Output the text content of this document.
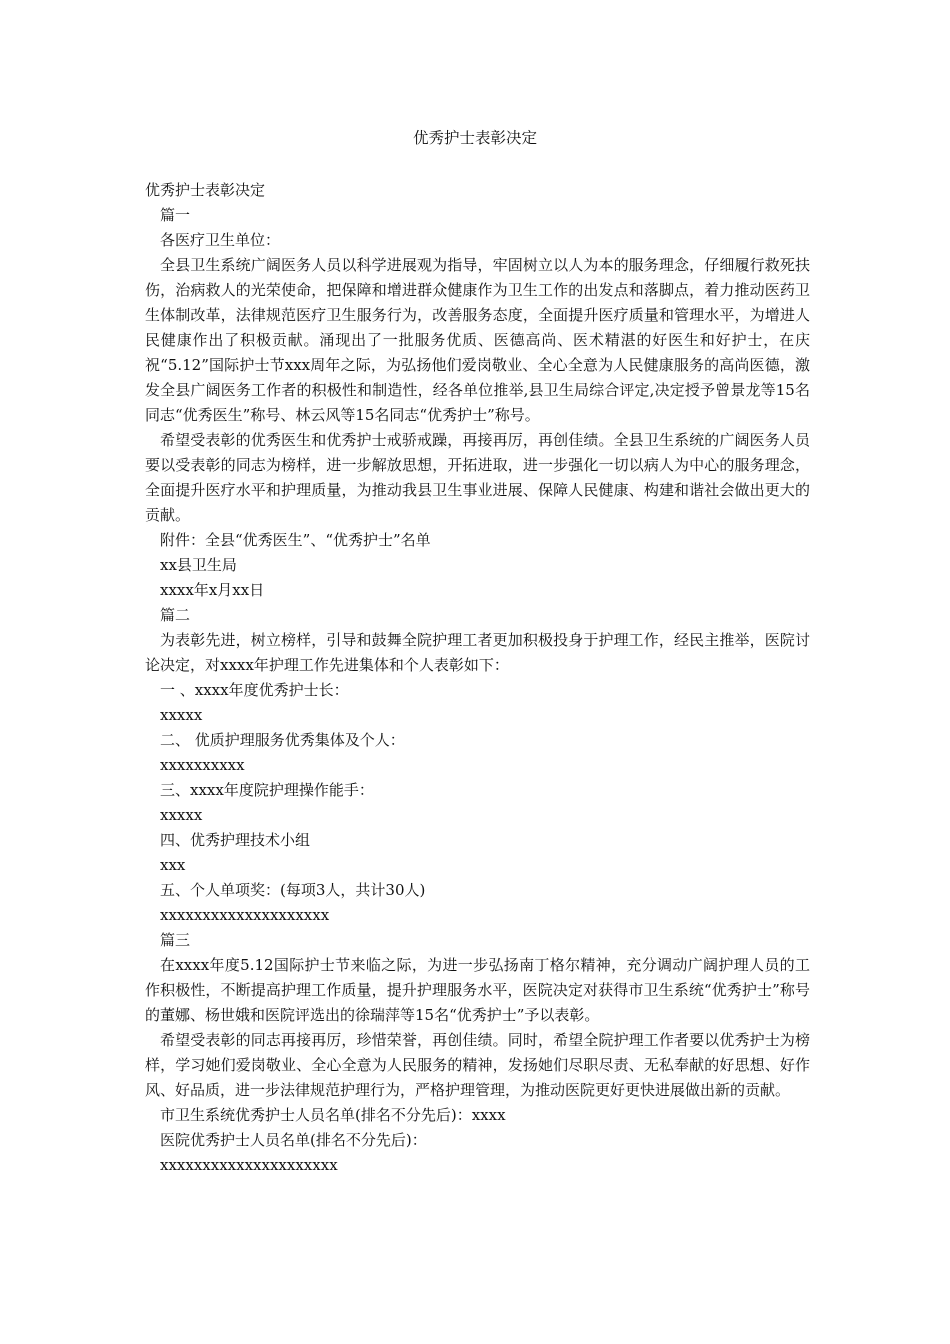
优秀护士表彰决定

优秀护士表彰决定

篇一

各医疗卫生单位：

全县卫生系统广阔医务人员以科学进展观为指导，牢固树立以人为本的服务理念，仔细履行救死扶伤，治病救人的光荣使命，把保障和增进群众健康作为卫生工作的出发点和落脚点，着力推动医药卫生体制改革，法律规范医疗卫生服务行为，改善服务态度，全面提升医疗质量和管理水平，为增进人民健康作出了积极贡献。涌现出了一批服务优质、医德高尚、医术精湛的好医生和好护士，在庆祝“5.12”国际护士节xxx周年之际，为弘扬他们爱岗敬业、全心全意为人民健康服务的高尚医德，激发全县广阔医务工作者的积极性和制造性，经各单位推举,县卫生局综合评定,决定授予曾景龙等15名同志“优秀医生”称号、林云风等15名同志“优秀护士”称号。

希望受表彰的优秀医生和优秀护士戒骄戒躁，再接再厉，再创佳绩。全县卫生系统的广阔医务人员要以受表彰的同志为榜样，进一步解放思想，开拓进取，进一步强化一切以病人为中心的服务理念，全面提升医疗水平和护理质量，为推动我县卫生事业进展、保障人民健康、构建和谐社会做出更大的贡献。

附件：全县“优秀医生”、“优秀护士”名单

xx县卫生局

xxxx年x月xx日

篇二

为表彰先进，树立榜样，引导和鼓舞全院护理工者更加积极投身于护理工作，经民主推举，医院讨论决定，对xxxx年护理工作先进集体和个人表彰如下：

一 、xxxx年度优秀护士长：

xxxxx

二、 优质护理服务优秀集体及个人：

xxxxxxxxxx

三、xxxx年度院护理操作能手：

xxxxx

四、优秀护理技术小组

xxx

五、个人单项奖：(每项3人，共计30人)

xxxxxxxxxxxxxxxxxxxx

篇三

在xxxx年度5.12国际护士节来临之际，为进一步弘扬南丁格尔精神，充分调动广阔护理人员的工作积极性，不断提高护理工作质量，提升护理服务水平，医院决定对获得市卫生系统“优秀护士”称号的董娜、杨世娥和医院评选出的徐瑞萍等15名“优秀护士”予以表彰。

希望受表彰的同志再接再厉，珍惜荣誉，再创佳绩。同时，希望全院护理工作者要以优秀护士为榜样，学习她们爱岗敬业、全心全意为人民服务的精神，发扬她们尽职尽责、无私奉献的好思想、好作风、好品质，进一步法律规范护理行为，严格护理管理，为推动医院更好更快进展做出新的贡献。

市卫生系统优秀护士人员名单(排名不分先后)：xxxx

医院优秀护士人员名单(排名不分先后)：

xxxxxxxxxxxxxxxxxxxxx
